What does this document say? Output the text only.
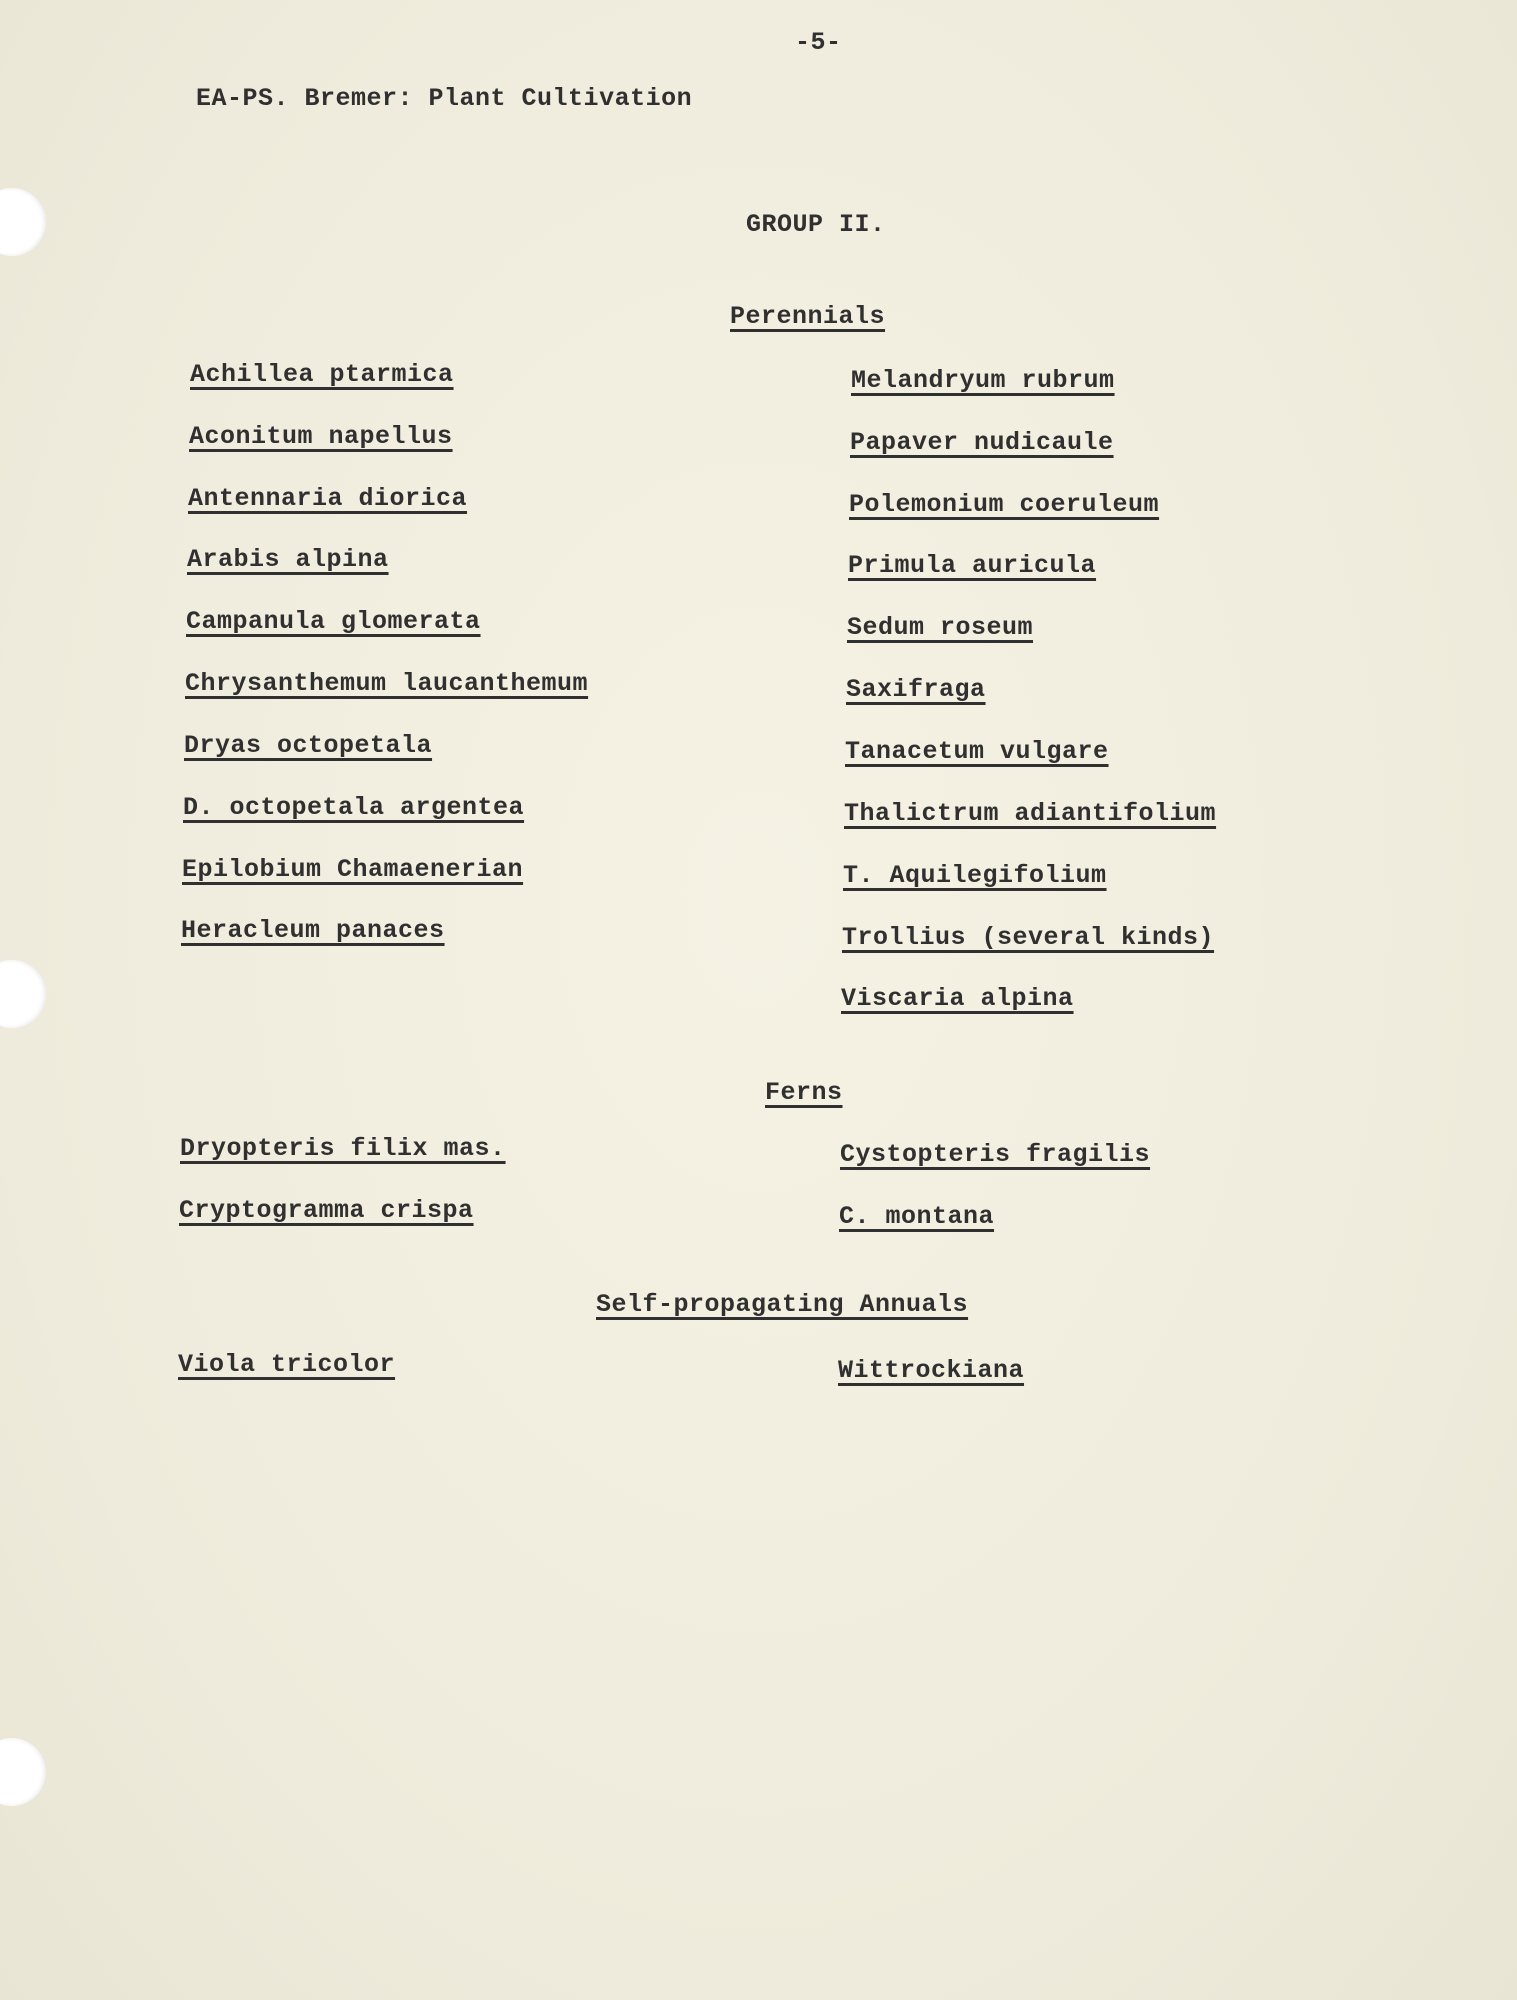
-5-
EA-PS. Bremer: Plant Cultivation
GROUP II.
Perennials
Achillea ptarmica
Aconitum napellus
Antennaria diorica
Arabis alpina
Campanula glomerata
Chrysanthemum laucanthemum
Dryas octopetala
D. octopetala argentea
Epilobium Chamaenerian
Heracleum panaces
Melandryum rubrum
Papaver nudicaule
Polemonium coeruleum
Primula auricula
Sedum roseum
Saxifraga
Tanacetum vulgare
Thalictrum adiantifolium
T. Aquilegifolium
Trollius (several kinds)
Viscaria alpina
Ferns
Dryopteris filix mas.
Cryptogramma crispa
Cystopteris fragilis
C. montana
Self-propagating Annuals
Viola tricolor	Wittrockiana
